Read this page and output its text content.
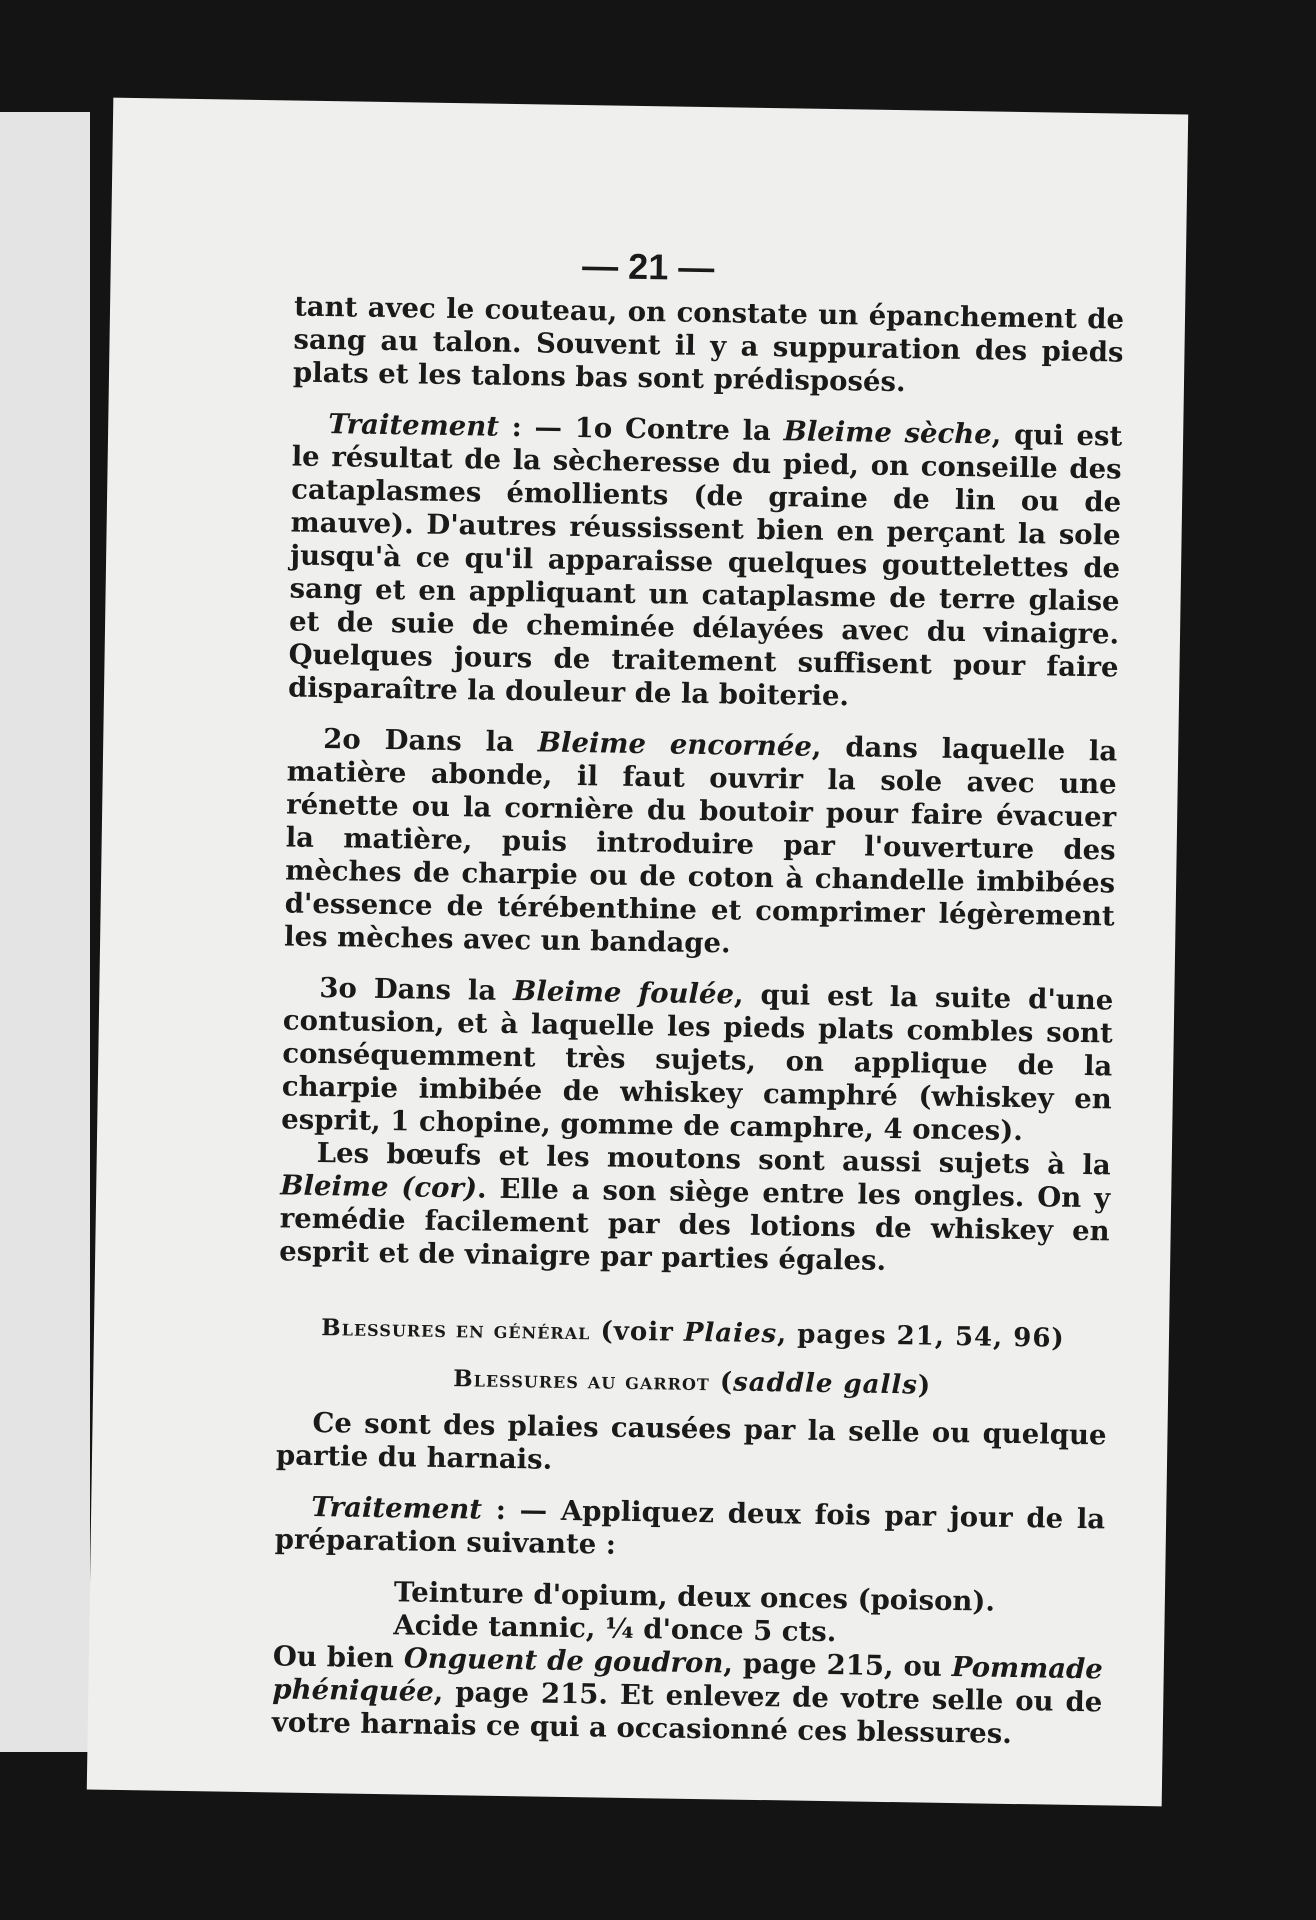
— 21 —

tant avec le couteau, on constate un épanchement de sang au talon. Souvent il y a suppuration des pieds plats et les talons bas sont prédisposés.

Traitement : — 1o Contre la Bleime sèche, qui est le résultat de la sècheresse du pied, on conseille des cataplasmes émollients (de graine de lin ou de mauve). D'autres réussissent bien en perçant la sole jusqu'à ce qu'il apparaisse quelques gouttelettes de sang et en appliquant un cataplasme de terre glaise et de suie de cheminée délayées avec du vinaigre. Quelques jours de traitement suffisent pour faire disparaître la douleur de la boiterie.

2o Dans la Bleime encornée, dans laquelle la matière abonde, il faut ouvrir la sole avec une rénette ou la cornière du boutoir pour faire évacuer la matière, puis introduire par l'ouverture des mèches de charpie ou de coton à chandelle imbibées d'essence de térébenthine et comprimer légèrement les mèches avec un bandage.

3o Dans la Bleime foulée, qui est la suite d'une contusion, et à laquelle les pieds plats combles sont conséquemment très sujets, on applique de la charpie imbibée de whiskey camphré (whiskey en esprit, 1 chopine, gomme de camphre, 4 onces).

Les bœufs et les moutons sont aussi sujets à la Bleime (cor). Elle a son siège entre les ongles. On y remédie facilement par des lotions de whiskey en esprit et de vinaigre par parties égales.

Blessures en général (voir Plaies, pages 21, 54, 96)

Blessures au garrot (saddle galls)

Ce sont des plaies causées par la selle ou quelque partie du harnais.

Traitement : — Appliquez deux fois par jour de la préparation suivante :

Teinture d'opium, deux onces (poison).
Acide tannic, ¼ d'once 5 cts.

Ou bien Onguent de goudron, page 215, ou Pommade phéniquée, page 215. Et enlevez de votre selle ou de votre harnais ce qui a occasionné ces blessures.
